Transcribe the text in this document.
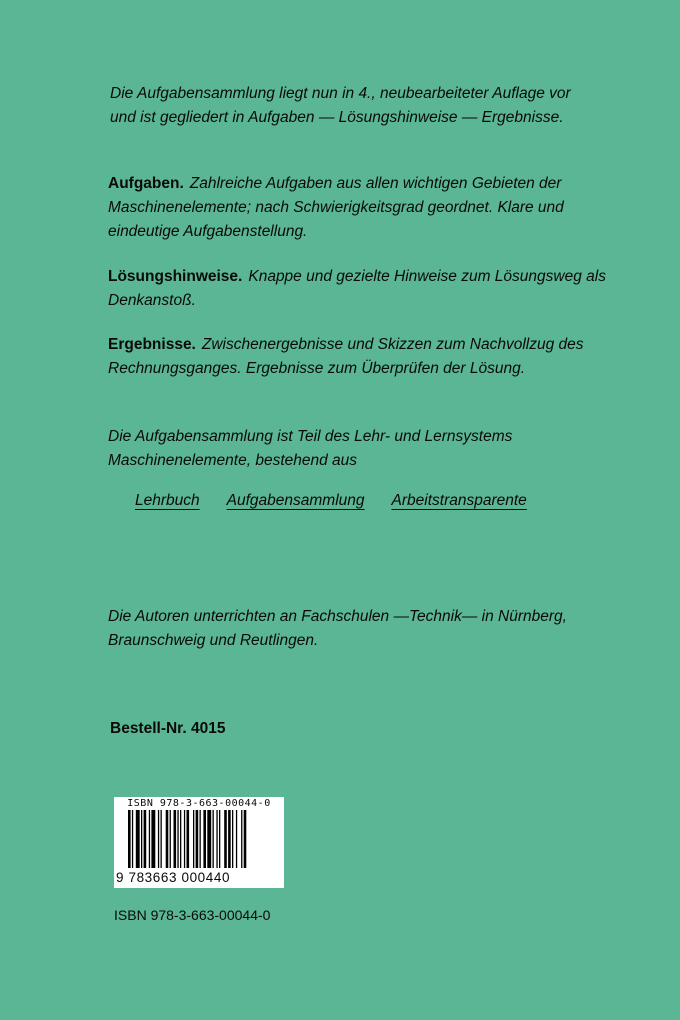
Die Aufgabensammlung liegt nun in 4., neubearbeiteter Auflage vor
und ist gegliedert in Aufgaben — Lösungshinweise — Ergebnisse.
Aufgaben. Zahlreiche Aufgaben aus allen wichtigen Gebieten der Maschinenelemente; nach Schwierigkeitsgrad geordnet. Klare und eindeutige Aufgabenstellung.
Lösungshinweise. Knappe und gezielte Hinweise zum Lösungsweg als Denkanstoß.
Ergebnisse. Zwischenergebnisse und Skizzen zum Nachvollzug des Rechnungsganges. Ergebnisse zum Überprüfen der Lösung.
Die Aufgabensammlung ist Teil des Lehr- und Lernsystems
Maschinenelemente, bestehend aus
Lehrbuch Aufgabensammlung Arbeitstransparente
Die Autoren unterrichten an Fachschulen —Technik— in Nürnberg,
Braunschweig und Reutlingen.
Bestell-Nr. 4015
ISBN 978-3-663-00044-0
9 783663 000440
ISBN 978-3-663-00044-0
